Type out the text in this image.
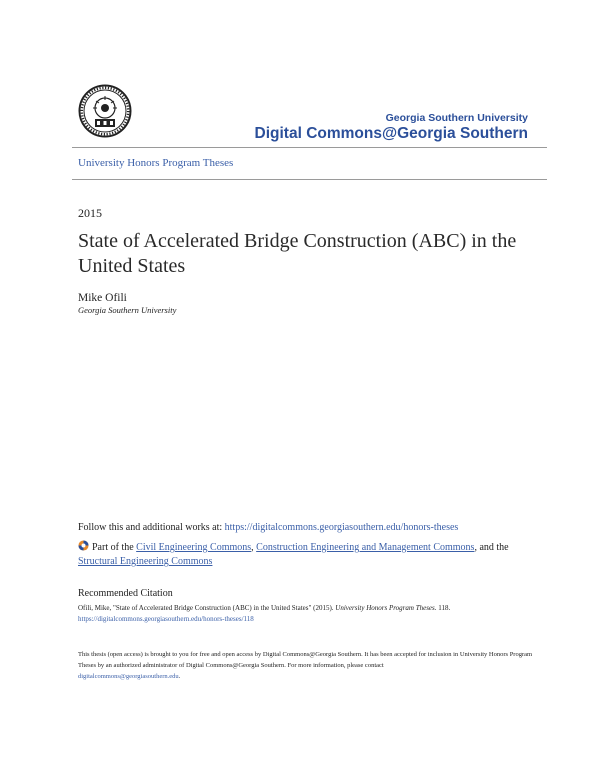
Georgia Southern University
Digital Commons@Georgia Southern
University Honors Program Theses
2015
State of Accelerated Bridge Construction (ABC) in the United States
Mike Ofili
Georgia Southern University
Follow this and additional works at: https://digitalcommons.georgiasouthern.edu/honors-theses
Part of the Civil Engineering Commons, Construction Engineering and Management Commons, and the Structural Engineering Commons
Recommended Citation
Ofili, Mike, "State of Accelerated Bridge Construction (ABC) in the United States" (2015). University Honors Program Theses. 118.
https://digitalcommons.georgiasouthern.edu/honors-theses/118
This thesis (open access) is brought to you for free and open access by Digital Commons@Georgia Southern. It has been accepted for inclusion in University Honors Program Theses by an authorized administrator of Digital Commons@Georgia Southern. For more information, please contact
digitalcommons@georgiasouthern.edu.
